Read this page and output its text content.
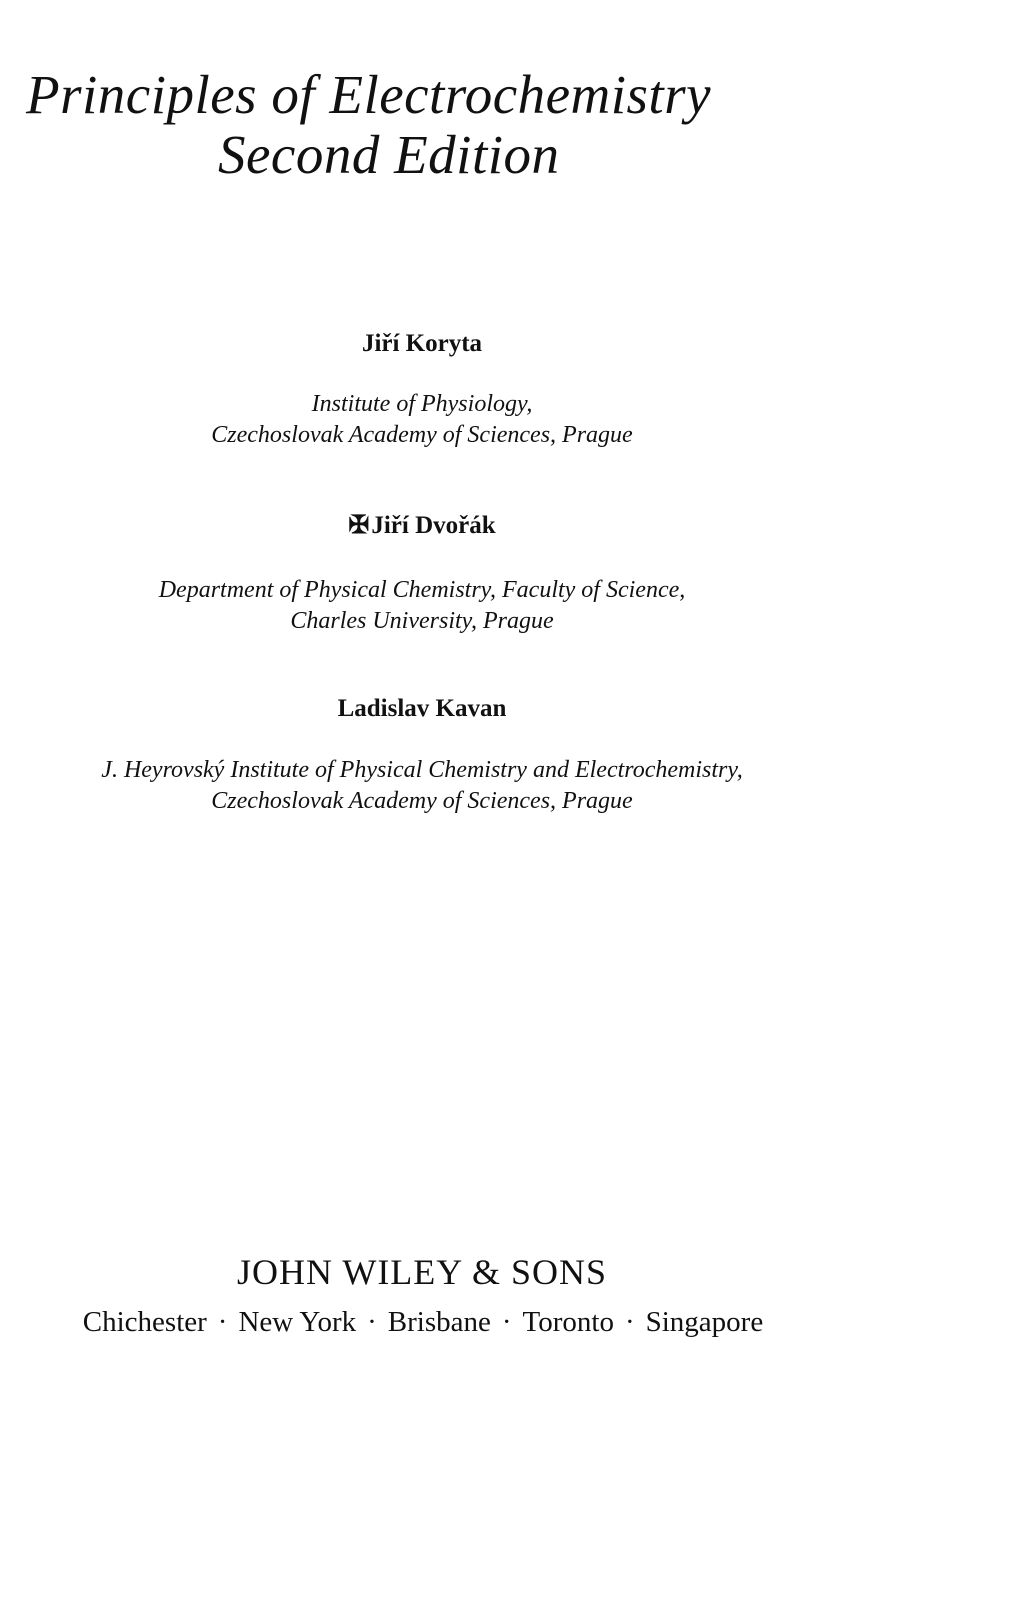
Principles of Electrochemistry
Second Edition
Jiří Koryta
Institute of Physiology,
Czechoslovak Academy of Sciences, Prague
✠Jiří Dvořák
Department of Physical Chemistry, Faculty of Science,
Charles University, Prague
Ladislav Kavan
J. Heyrovský Institute of Physical Chemistry and Electrochemistry,
Czechoslovak Academy of Sciences, Prague
JOHN WILEY & SONS
Chichester · New York · Brisbane · Toronto · Singapore
